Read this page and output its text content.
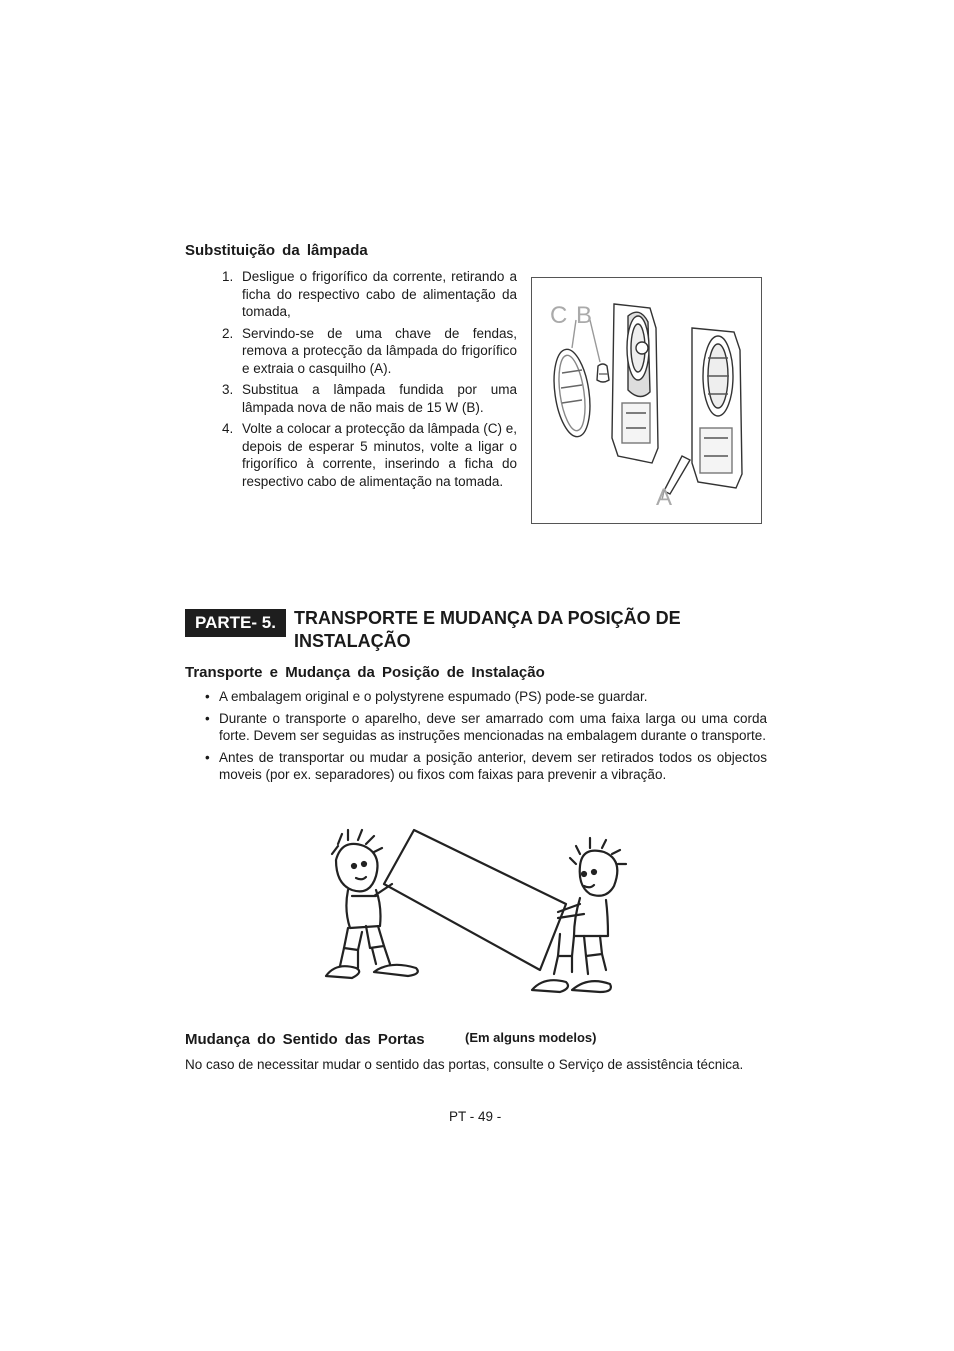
Substituição da lâmpada
1. Desligue o frigorífico da corrente, retirando a ficha do respectivo cabo de alimentação da tomada,
2. Servindo-se de uma chave de fendas, remova a protecção da lâmpada do frigorífico e extraia o casquilho (A).
3. Substitua a lâmpada fundida por uma lâmpada nova de não mais de 15 W (B).
4. Volte a colocar a protecção da lâmpada (C) e, depois de esperar 5 minutos, volte a ligar o frigorífico à corrente, inserindo a ficha do respectivo cabo de alimentação na tomada.
C B
A
PARTE- 5.	TRANSPORTE E MUDANÇA DA POSIÇÃO DE INSTALAÇÃO
Transporte e Mudança da Posição de Instalação
• A embalagem original e o polystyrene espumado (PS) pode-se guardar.
• Durante o transporte o aparelho, deve ser amarrado com uma faixa larga ou uma corda forte. Devem ser seguidas as instruções mencionadas na embalagem durante o transporte.
• Antes de transportar ou mudar a posição anterior, devem ser retirados todos os objectos moveis (por ex. separadores) ou fixos com faixas para prevenir a vibração.
Mudança do Sentido das Portas	(Em alguns modelos)
No caso de necessitar mudar o sentido das portas, consulte o Serviço de assistência técnica.
PT - 49 -
